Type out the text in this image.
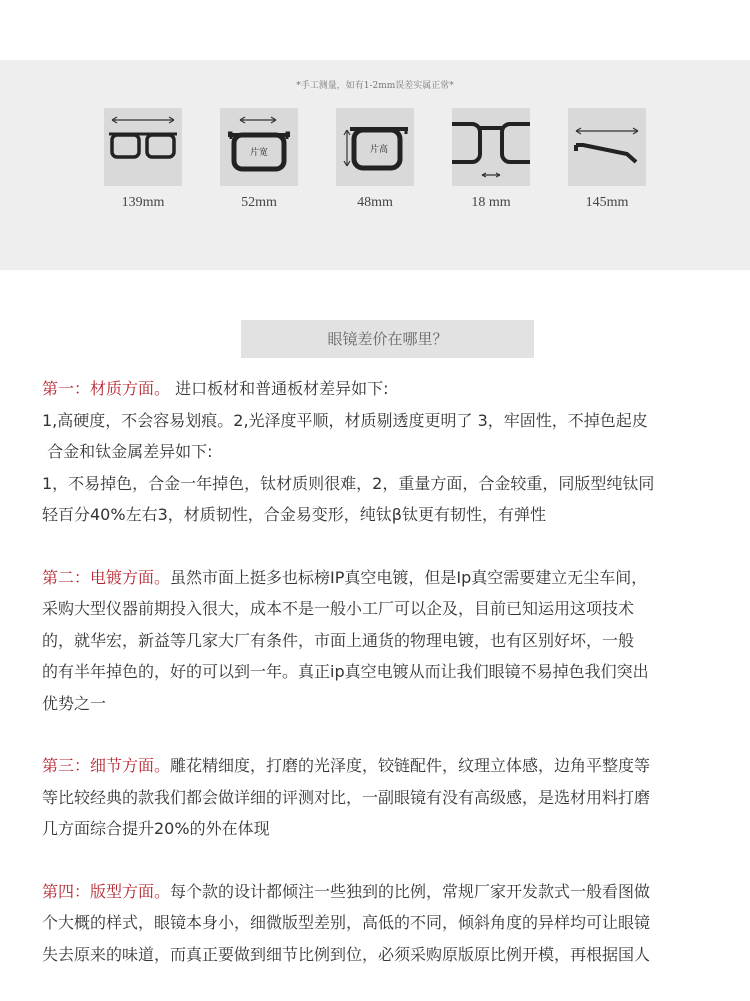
*手工测量，如有1-2mm误差实属正常*
139mm
片宽
52mm
片高
48mm	18 mm	145mm
眼镜差价在哪里？
第一：材质方面。 进口板材和普通板材差异如下:
1,高硬度，不会容易划痕。2,光泽度平顺，材质剔透度更明了 3，牢固性，不掉色起皮
合金和钛金属差异如下:
1，不易掉色，合金一年掉色，钛材质则很难，2，重量方面，合金较重，同版型纯钛同
轻百分40%左右3，材质韧性，合金易变形，纯钛β钛更有韧性，有弹性
第二：电镀方面。虽然市面上挺多也标榜IP真空电镀，但是Ip真空需要建立无尘车间，
采购大型仪器前期投入很大，成本不是一般小工厂可以企及，目前已知运用这项技术
的，就华宏，新益等几家大厂有条件，市面上通货的物理电镀，也有区别好坏，一般
的有半年掉色的，好的可以到一年。真正ip真空电镀从而让我们眼镜不易掉色我们突出
优势之一
第三：细节方面。雕花精细度，打磨的光泽度，铰链配件，纹理立体感，边角平整度等
等比较经典的款我们都会做详细的评测对比，一副眼镜有没有高级感，是选材用料打磨
几方面综合提升20%的外在体现
第四：版型方面。每个款的设计都倾注一些独到的比例，常规厂家开发款式一般看图做
个大概的样式，眼镜本身小，细微版型差别，高低的不同，倾斜角度的异样均可让眼镜
失去原来的味道，而真正要做到细节比例到位，必须采购原版原比例开模，再根据国人
